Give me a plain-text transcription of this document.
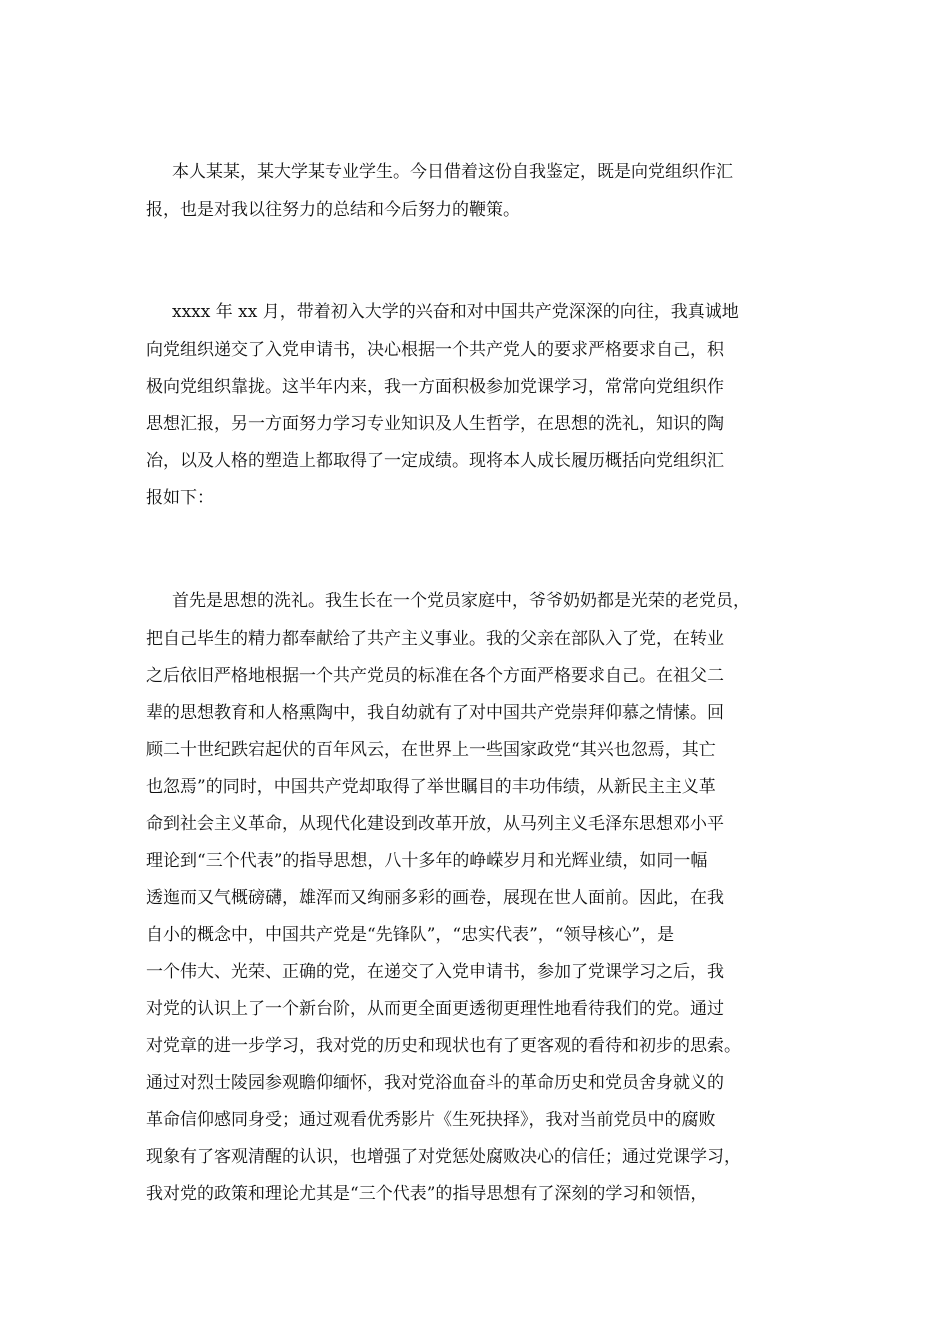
本人某某，某大学某专业学生。今日借着这份自我鉴定，既是向党组织作汇
报，也是对我以往努力的总结和今后努力的鞭策。
xxxx 年 xx 月，带着初入大学的兴奋和对中国共产党深深的向往，我真诚地
向党组织递交了入党申请书，决心根据一个共产党人的要求严格要求自己，积
极向党组织靠拢。这半年内来，我一方面积极参加党课学习，常常向党组织作
思想汇报，另一方面努力学习专业知识及人生哲学，在思想的洗礼，知识的陶
冶，以及人格的塑造上都取得了一定成绩。现将本人成长履历概括向党组织汇
报如下：
首先是思想的洗礼。我生长在一个党员家庭中，爷爷奶奶都是光荣的老党员，
把自己毕生的精力都奉献给了共产主义事业。我的父亲在部队入了党，在转业
之后依旧严格地根据一个共产党员的标准在各个方面严格要求自己。在祖父二
辈的思想教育和人格熏陶中，我自幼就有了对中国共产党崇拜仰慕之情愫。回
顾二十世纪跌宕起伏的百年风云，在世界上一些国家政党“其兴也忽焉，其亡
也忽焉”的同时，中国共产党却取得了举世瞩目的丰功伟绩，从新民主主义革
命到社会主义革命，从现代化建设到改革开放，从马列主义毛泽东思想邓小平
理论到“三个代表”的指导思想，八十多年的峥嵘岁月和光辉业绩，如同一幅
透迤而又气概磅礴，雄浑而又绚丽多彩的画卷，展现在世人面前。因此，在我
自小的概念中，中国共产党是“先锋队”，“忠实代表”，“领导核心”，是
一个伟大、光荣、正确的党，在递交了入党申请书，参加了党课学习之后，我
对党的认识上了一个新台阶，从而更全面更透彻更理性地看待我们的党。通过
对党章的进一步学习，我对党的历史和现状也有了更客观的看待和初步的思索。
通过对烈士陵园参观瞻仰缅怀，我对党浴血奋斗的革命历史和党员舍身就义的
革命信仰感同身受；通过观看优秀影片《生死抉择》，我对当前党员中的腐败
现象有了客观清醒的认识，也增强了对党惩处腐败决心的信任；通过党课学习，
我对党的政策和理论尤其是“三个代表”的指导思想有了深刻的学习和领悟，
